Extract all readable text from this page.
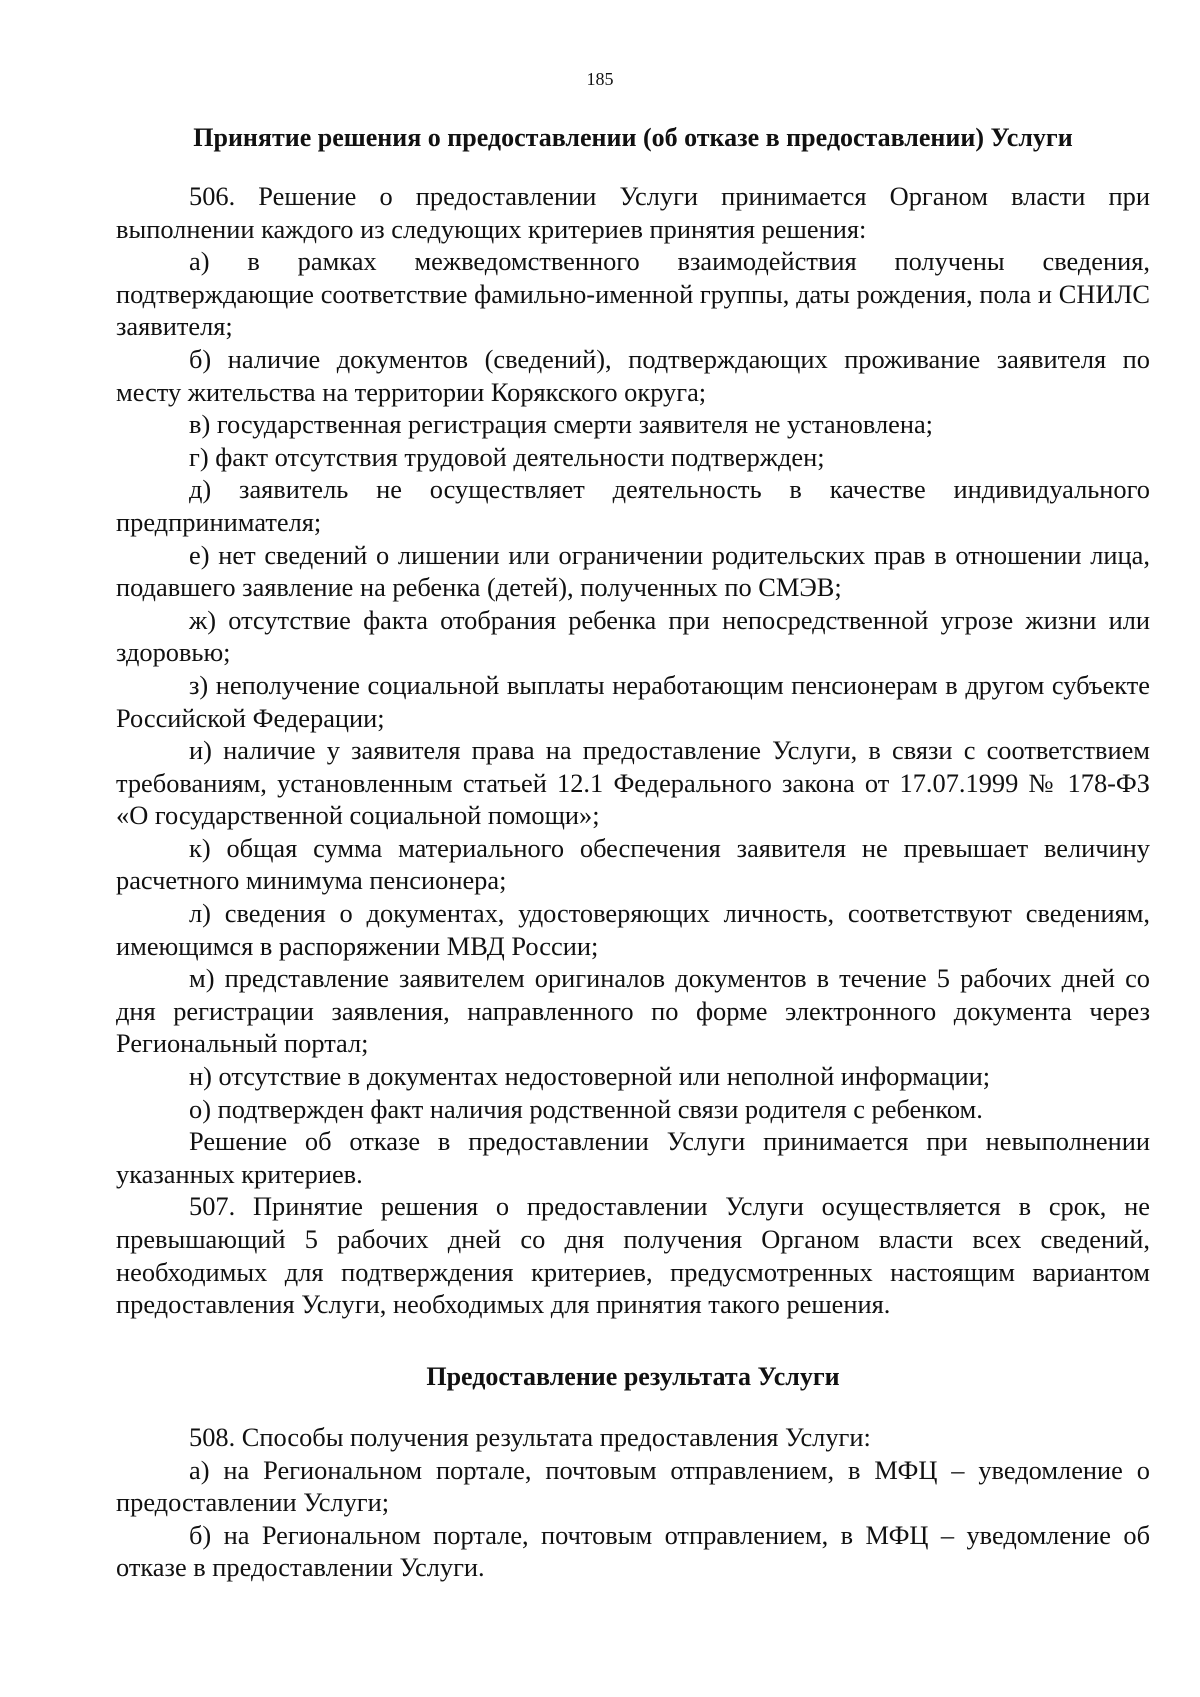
185
Принятие решения о предоставлении (об отказе в предоставлении) Услуги

506. Решение о предоставлении Услуги принимается Органом власти при выполнении каждого из следующих критериев принятия решения:

а) в рамках межведомственного взаимодействия получены сведения, подтверждающие соответствие фамильно-именной группы, даты рождения, пола и СНИЛС заявителя;

б) наличие документов (сведений), подтверждающих проживание заявителя по месту жительства на территории Корякского округа;

в) государственная регистрация смерти заявителя не установлена;

г) факт отсутствия трудовой деятельности подтвержден;

д) заявитель не осуществляет деятельность в качестве индивидуального предпринимателя;

е) нет сведений о лишении или ограничении родительских прав в отношении лица, подавшего заявление на ребенка (детей), полученных по СМЭВ;

ж) отсутствие факта отобрания ребенка при непосредственной угрозе жизни или здоровью;

з) неполучение социальной выплаты неработающим пенсионерам в другом субъекте Российской Федерации;

и) наличие у заявителя права на предоставление Услуги, в связи с соответствием требованиям, установленным статьей 12.1 Федерального закона от 17.07.1999 № 178-ФЗ «О государственной социальной помощи»;

к) общая сумма материального обеспечения заявителя не превышает величину расчетного минимума пенсионера;

л) сведения о документах, удостоверяющих личность, соответствуют сведениям, имеющимся в распоряжении МВД России;

м) представление заявителем оригиналов документов в течение 5 рабочих дней со дня регистрации заявления, направленного по форме электронного документа через Региональный портал;

н) отсутствие в документах недостоверной или неполной информации;

о) подтвержден факт наличия родственной связи родителя с ребенком.

Решение об отказе в предоставлении Услуги принимается при невыполнении указанных критериев.

507. Принятие решения о предоставлении Услуги осуществляется в срок, не превышающий 5 рабочих дней со дня получения Органом власти всех сведений, необходимых для подтверждения критериев, предусмотренных настоящим вариантом предоставления Услуги, необходимых для принятия такого решения.

Предоставление результата Услуги

508. Способы получения результата предоставления Услуги:

а) на Региональном портале, почтовым отправлением, в МФЦ – уведомление о предоставлении Услуги;

б) на Региональном портале, почтовым отправлением, в МФЦ – уведомление об отказе в предоставлении Услуги.
